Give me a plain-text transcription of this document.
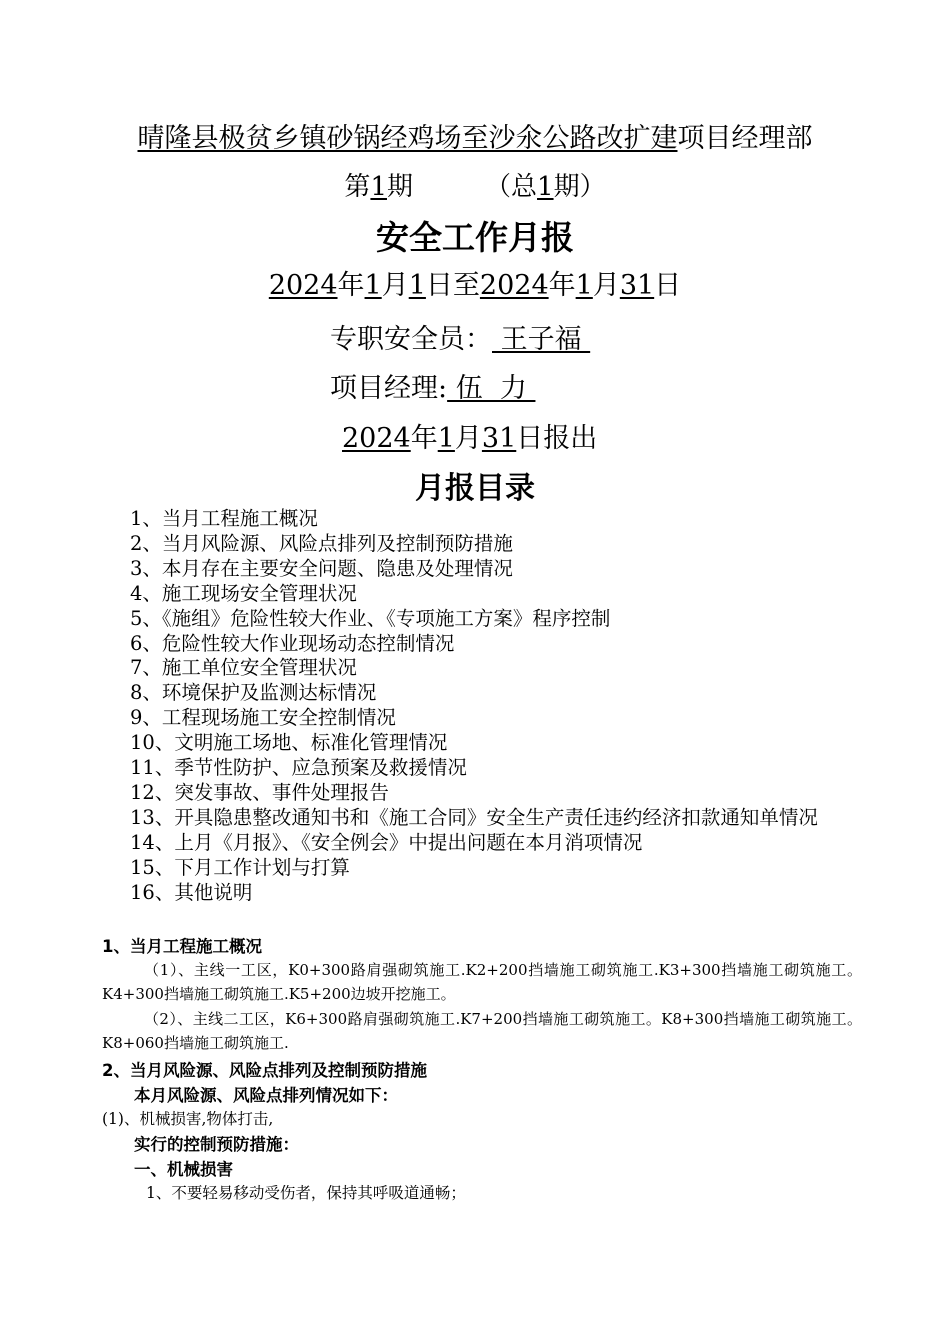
晴隆县极贫乡镇砂锅经鸡场至沙氽公路改扩建项目经理部
第1期	（总1期）
安全工作月报
2024年1月1日至2024年1月31日
专职安全员： 王子福
项目经理: 伍  力
2024年1月31日报出
月报目录
1、当月工程施工概况
2、当月风险源、风险点排列及控制预防措施
3、本月存在主要安全问题、隐患及处理情况
4、施工现场安全管理状况
5、《施组》危险性较大作业、《专项施工方案》程序控制
6、危险性较大作业现场动态控制情况
7、施工单位安全管理状况
8、环境保护及监测达标情况
9、工程现场施工安全控制情况
10、文明施工场地、标准化管理情况
11、季节性防护、应急预案及救援情况
12、突发事故、事件处理报告
13、开具隐患整改通知书和《施工合同》安全生产责任违约经济扣款通知单情况
14、上月《月报》、《安全例会》中提出问题在本月消项情况
15、下月工作计划与打算
16、其他说明
1、当月工程施工概况
（1）、主线一工区，K0+300路肩强砌筑施工.K2+200挡墙施工砌筑施工.K3+300挡墙施工砌筑施工。K4+300挡墙施工砌筑施工.K5+200边坡开挖施工。
（2）、主线二工区，K6+300路肩强砌筑施工.K7+200挡墙施工砌筑施工。K8+300挡墙施工砌筑施工。K8+060挡墙施工砌筑施工.
2、当月风险源、风险点排列及控制预防措施
本月风险源、风险点排列情况如下：
(1)、机械损害,物体打击,
实行的控制预防措施：
一、机械损害
1、不要轻易移动受伤者，保持其呼吸道通畅；
